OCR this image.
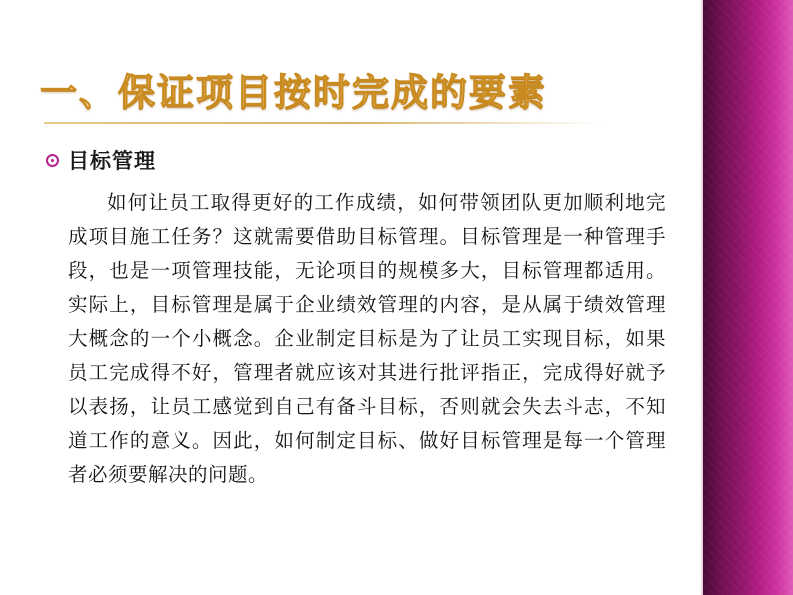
一、保证项目按时完成的要素
目标管理
如何让员工取得更好的工作成绩，如何带领团队更加顺利地完成项目施工任务？这就需要借助目标管理。目标管理是一种管理手段，也是一项管理技能，无论项目的规模多大，目标管理都适用。实际上，目标管理是属于企业绩效管理的内容，是从属于绩效管理大概念的一个小概念。企业制定目标是为了让员工实现目标，如果员工完成得不好，管理者就应该对其进行批评指正，完成得好就予以表扬，让员工感觉到自己有备斗目标，否则就会失去斗志，不知道工作的意义。因此，如何制定目标、做好目标管理是每一个管理者必须要解决的问题。
